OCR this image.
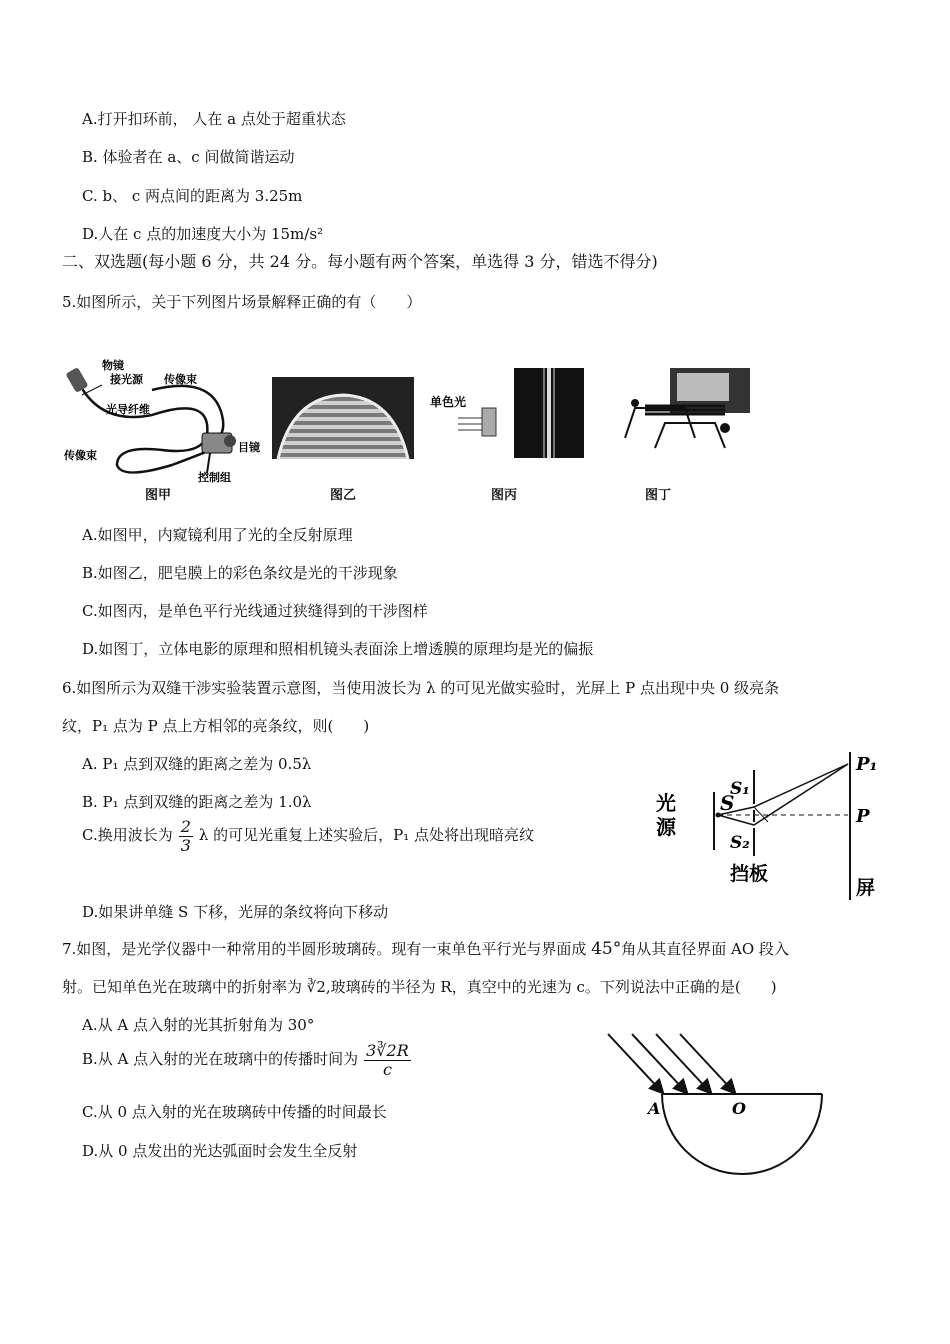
A.打开扣环前， 人在 a 点处于超重状态
B. 体验者在 a、c 间做简谐运动
C. b、 c 两点间的距离为 3.25m
D.人在 c 点的加速度大小为 15m/s²
二、双选题(每小题 6 分，共 24 分。每小题有两个答案，单选得 3 分，错选不得分)
5.如图所示，关于下列图片场景解释正确的有（　　）
物镜
接光源 传像束
光导纤维
传像束
目镜
控制组
图甲	图乙
单色光
图丙	图丁
A.如图甲，内窥镜利用了光的全反射原理
B.如图乙，肥皂膜上的彩色条纹是光的干涉现象
C.如图丙，是单色平行光线通过狭缝得到的干涉图样
D.如图丁，立体电影的原理和照相机镜头表面涂上增透膜的原理均是光的偏振
6.如图所示为双缝干涉实验装置示意图，当使用波长为 λ 的可见光做实验时，光屏上 P 点出现中央 0 级亮条
纹，P₁ 点为 P 点上方相邻的亮条纹，则(　　)
A. P₁ 点到双缝的距离之差为 0.5λ
B. P₁ 点到双缝的距离之差为 1.0λ
C.换用波长为 $\frac{2}{3}$ λ 的可见光重复上述实验后，P₁ 点处将出现暗亮纹
D.如果讲单缝 S 下移，光屏的条纹将向下移动
光
源
S
S₁
S₂
P₁
P
挡板
屏
7.如图，是光学仪器中一种常用的半圆形玻璃砖。现有一束单色平行光与界面成 45°角从其直径界面 AO 段入
射。已知单色光在玻璃中的折射率为 ∛2,玻璃砖的半径为 R，真空中的光速为 c。下列说法中正确的是(　　)
A.从 A 点入射的光其折射角为 30°
B.从 A 点入射的光在玻璃中的传播时间为 $\frac{3∛2R}{c}$
C.从 0 点入射的光在玻璃砖中传播的时间最长
D.从 0 点发出的光达弧面时会发生全反射
A	O
